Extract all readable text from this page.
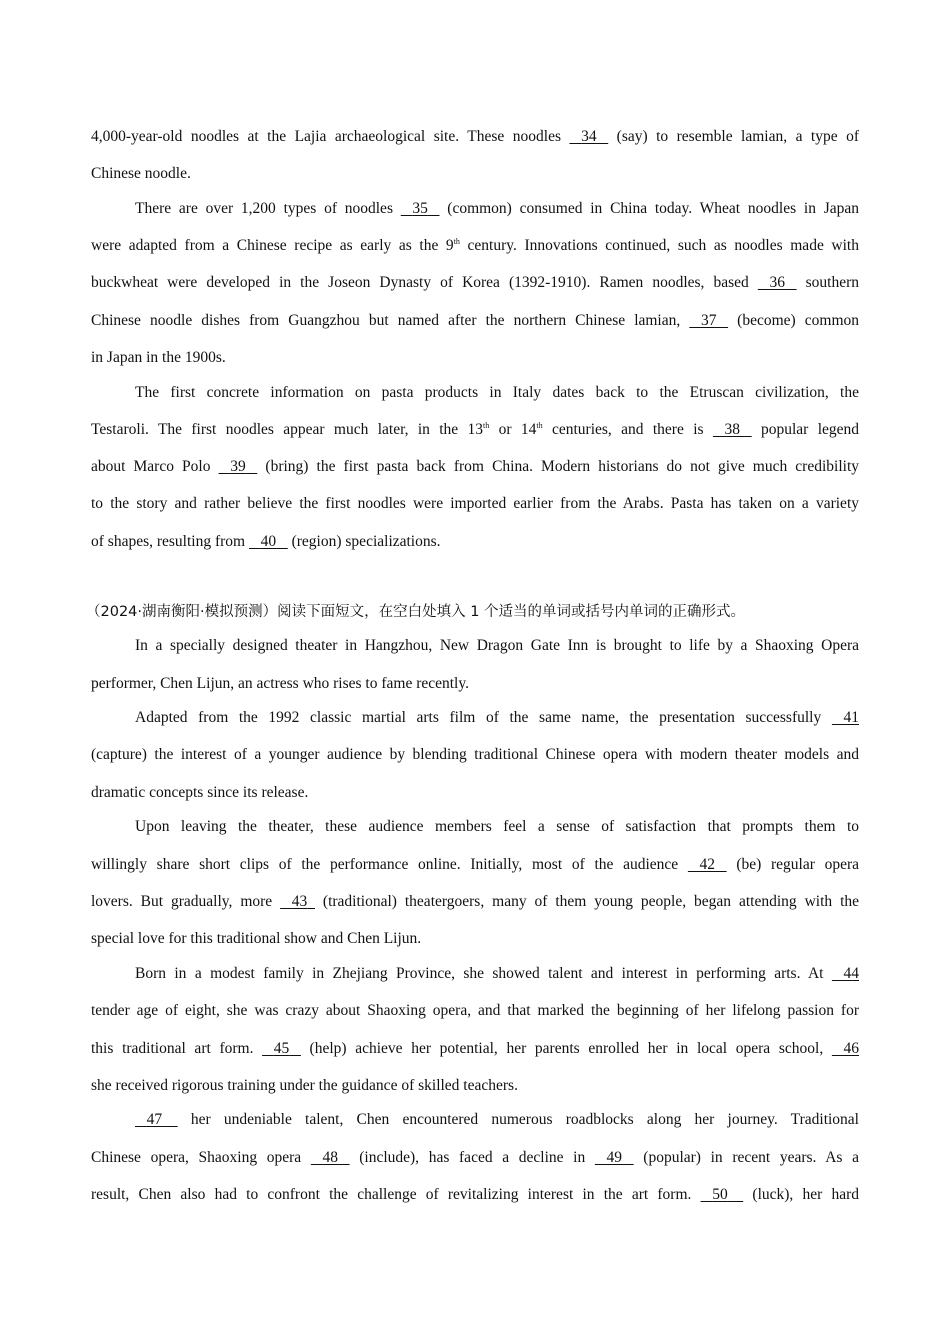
4,000-year-old noodles at the Lajia archaeological site. These noodles    34 (say) to resemble lamian, a type of
Chinese noodle.
There are over 1,200 types of noodles    35 (common) consumed in China today. Wheat noodles in Japan
were adapted from a Chinese recipe as early as the 9th century. Innovations continued, such as noodles made with
buckwheat were developed in the Joseon Dynasty of Korea (1392-1910). Ramen noodles, based    36 southern
Chinese noodle dishes from Guangzhou but named after the northern Chinese lamian,    37 (become) common
in Japan in the 1900s.
The first concrete information on pasta products in Italy dates back to the Etruscan civilization, the
Testaroli. The first noodles appear much later, in the 13th or 14th centuries, and there is    38 popular legend
about Marco Polo    39 (bring) the first pasta back from China. Modern historians do not give much credibility
to the story and rather believe the first noodles were imported earlier from the Arabs. Pasta has taken on a variety
of shapes, resulting from    40 (region) specializations.
（2024·湖南衡阳·模拟预测）阅读下面短文，在空白处填入 1 个适当的单词或括号内单词的正确形式。
In a specially designed theater in Hangzhou, New Dragon Gate Inn is brought to life by a Shaoxing Opera
performer, Chen Lijun, an actress who rises to fame recently.
Adapted from the 1992 classic martial arts film of the same name, the presentation successfully    41
(capture) the interest of a younger audience by blending traditional Chinese opera with modern theater models and
dramatic concepts since its release.
Upon leaving the theater, these audience members feel a sense of satisfaction that prompts them to
willingly share short clips of the performance online. Initially, most of the audience    42 (be) regular opera
lovers. But gradually, more    43 (traditional) theatergoers, many of them young people, began attending with the
special love for this traditional show and Chen Lijun.
Born in a modest family in Zhejiang Province, she showed talent and interest in performing arts. At    44
tender age of eight, she was crazy about Shaoxing opera, and that marked the beginning of her lifelong passion for
this traditional art form.    45 (help) achieve her potential, her parents enrolled her in local opera school,    46
she received rigorous training under the guidance of skilled teachers.
47 her undeniable talent, Chen encountered numerous roadblocks along her journey. Traditional
Chinese opera, Shaoxing opera    48 (include), has faced a decline in    49 (popular) in recent years. As a
result, Chen also had to confront the challenge of revitalizing interest in the art form.    50 (luck), her hard
